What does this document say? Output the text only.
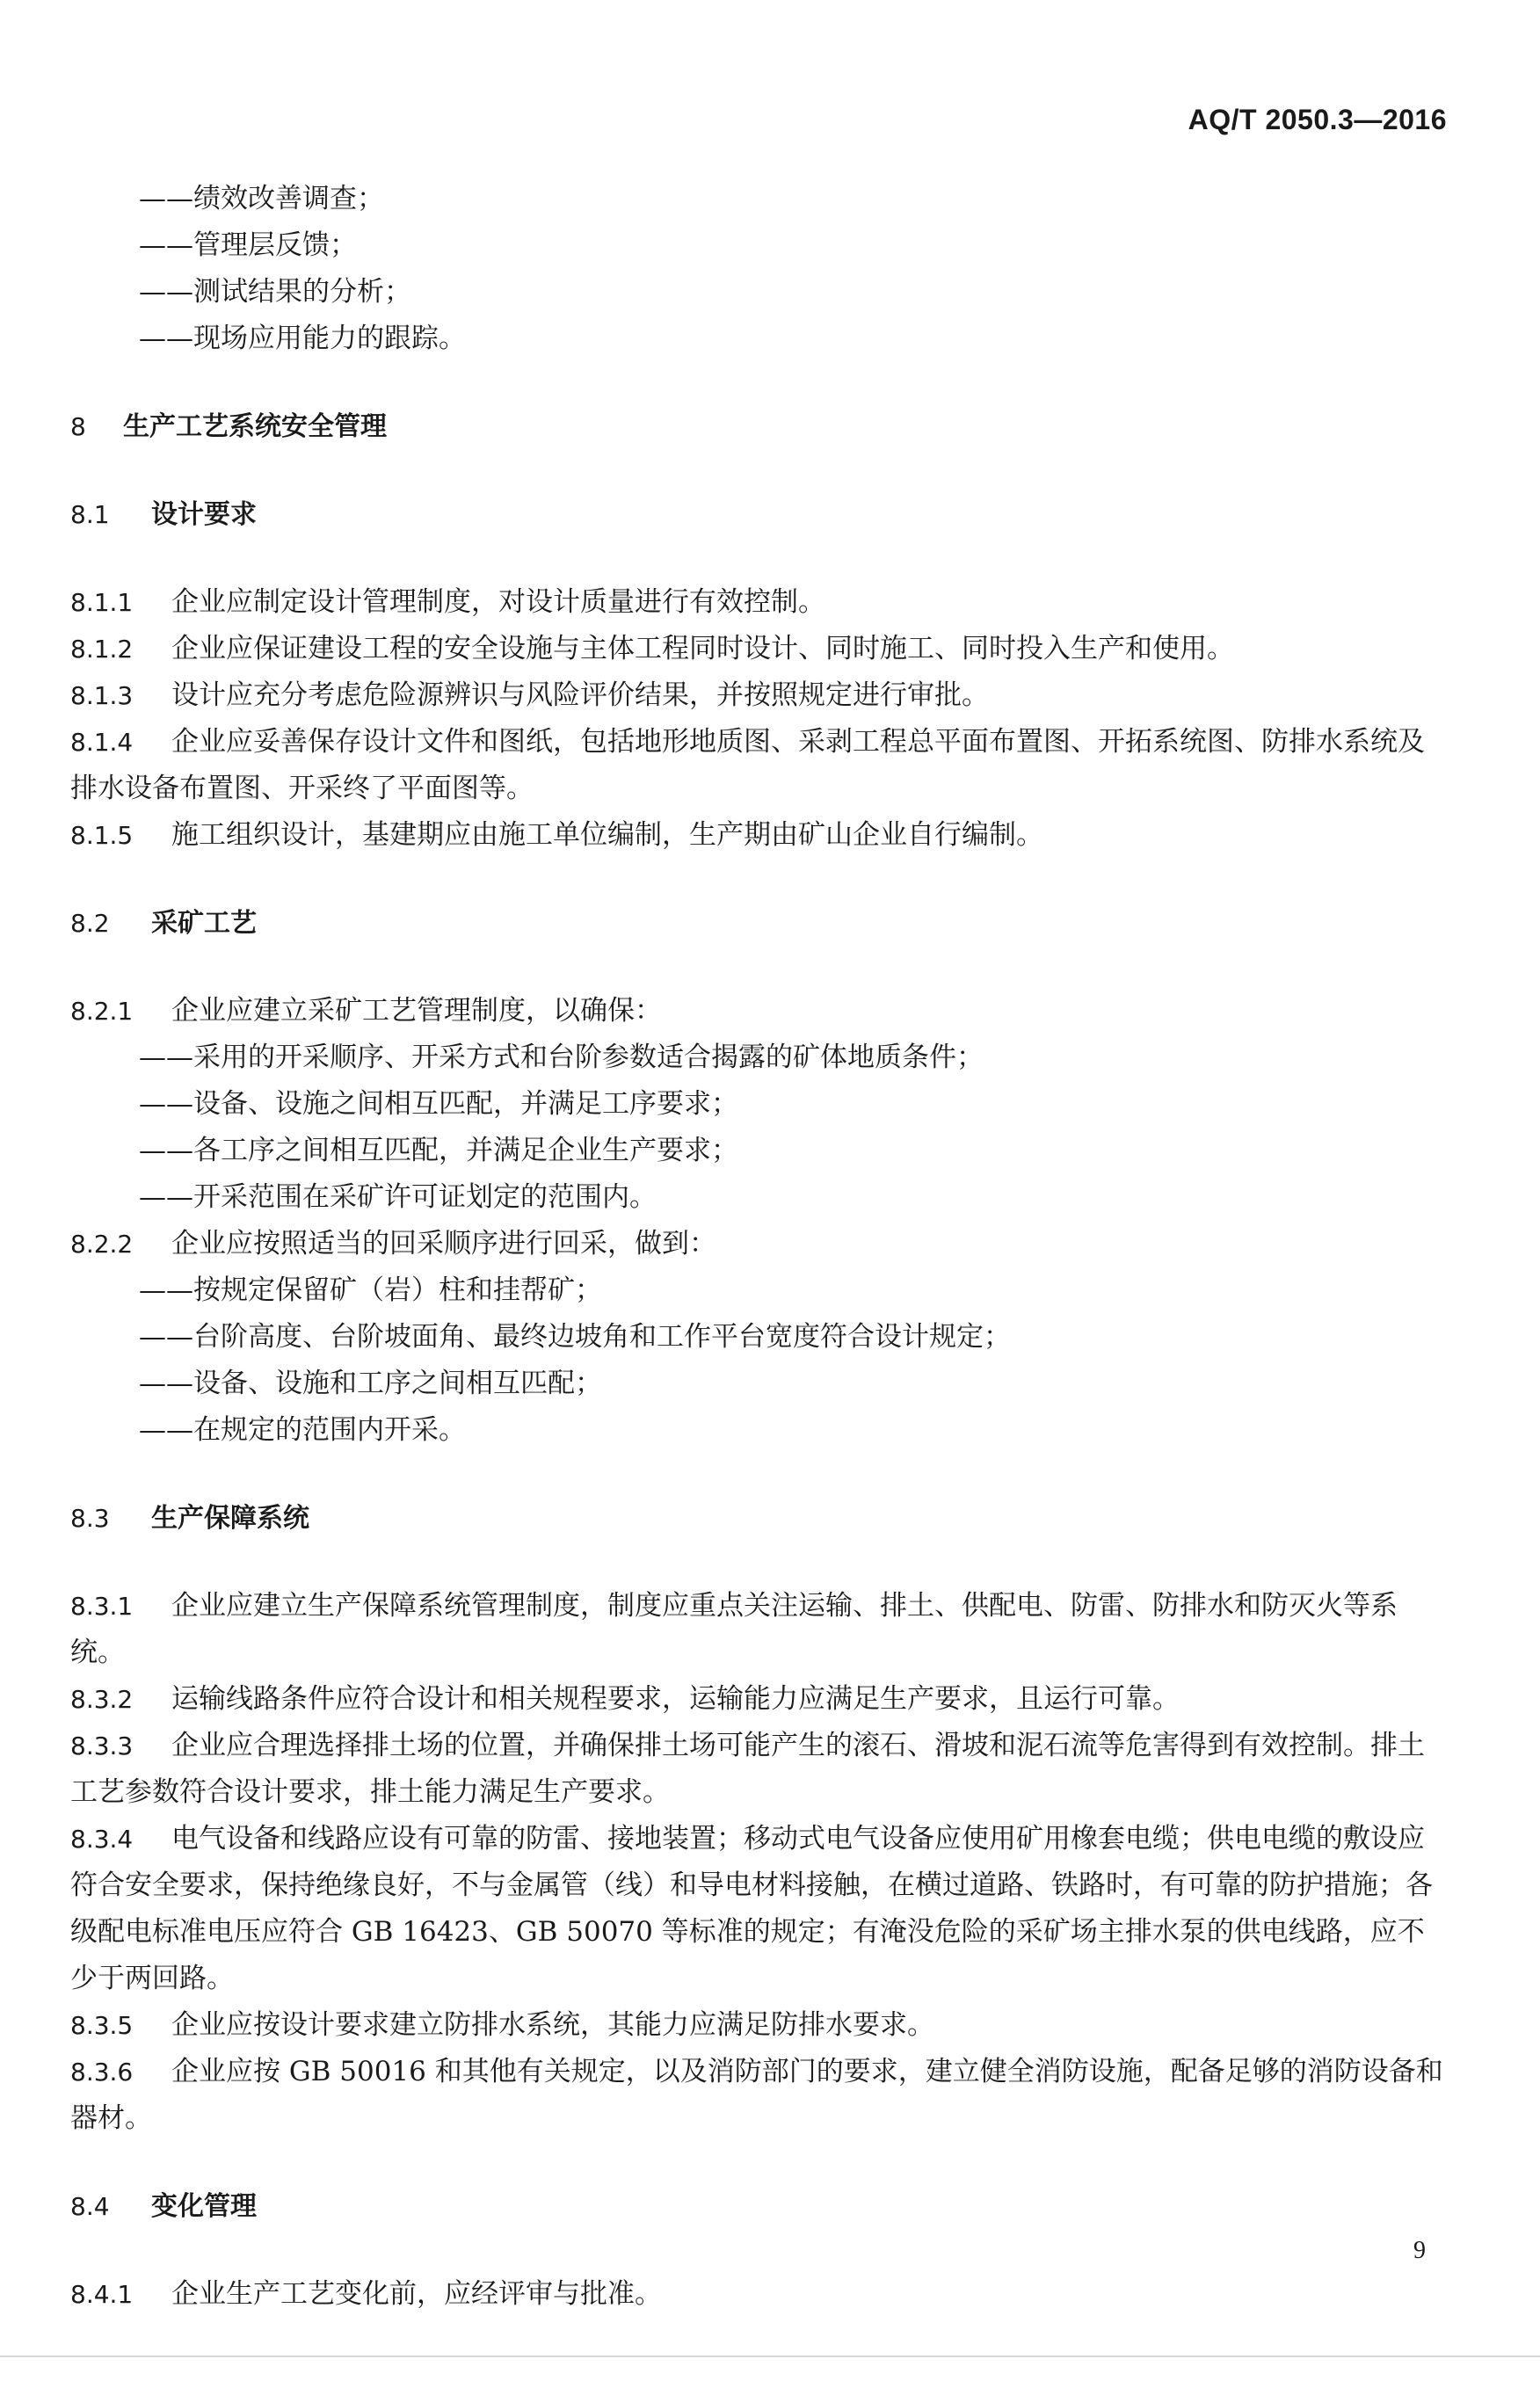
AQ/T 2050.3—2016

——绩效改善调查；

——管理层反馈；

——测试结果的分析；

——现场应用能力的跟踪。

8 生产工艺系统安全管理
8.1 设计要求

8.1.1 企业应制定设计管理制度，对设计质量进行有效控制。

8.1.2 企业应保证建设工程的安全设施与主体工程同时设计、同时施工、同时投入生产和使用。

8.1.3 设计应充分考虑危险源辨识与风险评价结果，并按照规定进行审批。

8.1.4 企业应妥善保存设计文件和图纸，包括地形地质图、采剥工程总平面布置图、开拓系统图、防排水系统及排水设备布置图、开采终了平面图等。

8.1.5 施工组织设计，基建期应由施工单位编制，生产期由矿山企业自行编制。

8.2 采矿工艺

8.2.1 企业应建立采矿工艺管理制度，以确保：

——采用的开采顺序、开采方式和台阶参数适合揭露的矿体地质条件；

——设备、设施之间相互匹配，并满足工序要求；

——各工序之间相互匹配，并满足企业生产要求；

——开采范围在采矿许可证划定的范围内。

8.2.2 企业应按照适当的回采顺序进行回采，做到：

——按规定保留矿（岩）柱和挂帮矿；

——台阶高度、台阶坡面角、最终边坡角和工作平台宽度符合设计规定；

——设备、设施和工序之间相互匹配；

——在规定的范围内开采。

8.3 生产保障系统

8.3.1 企业应建立生产保障系统管理制度，制度应重点关注运输、排土、供配电、防雷、防排水和防灭火等系统。

8.3.2 运输线路条件应符合设计和相关规程要求，运输能力应满足生产要求，且运行可靠。

8.3.3 企业应合理选择排土场的位置，并确保排土场可能产生的滚石、滑坡和泥石流等危害得到有效控制。排土工艺参数符合设计要求，排土能力满足生产要求。

8.3.4 电气设备和线路应设有可靠的防雷、接地装置；移动式电气设备应使用矿用橡套电缆；供电电缆的敷设应符合安全要求，保持绝缘良好，不与金属管（线）和导电材料接触，在横过道路、铁路时，有可靠的防护措施；各级配电标准电压应符合 GB 16423、GB 50070 等标准的规定；有淹没危险的采矿场主排水泵的供电线路，应不少于两回路。

8.3.5 企业应按设计要求建立防排水系统，其能力应满足防排水要求。

8.3.6 企业应按 GB 50016 和其他有关规定，以及消防部门的要求，建立健全消防设施，配备足够的消防设备和器材。

8.4 变化管理

8.4.1 企业生产工艺变化前，应经评审与批准。

9
